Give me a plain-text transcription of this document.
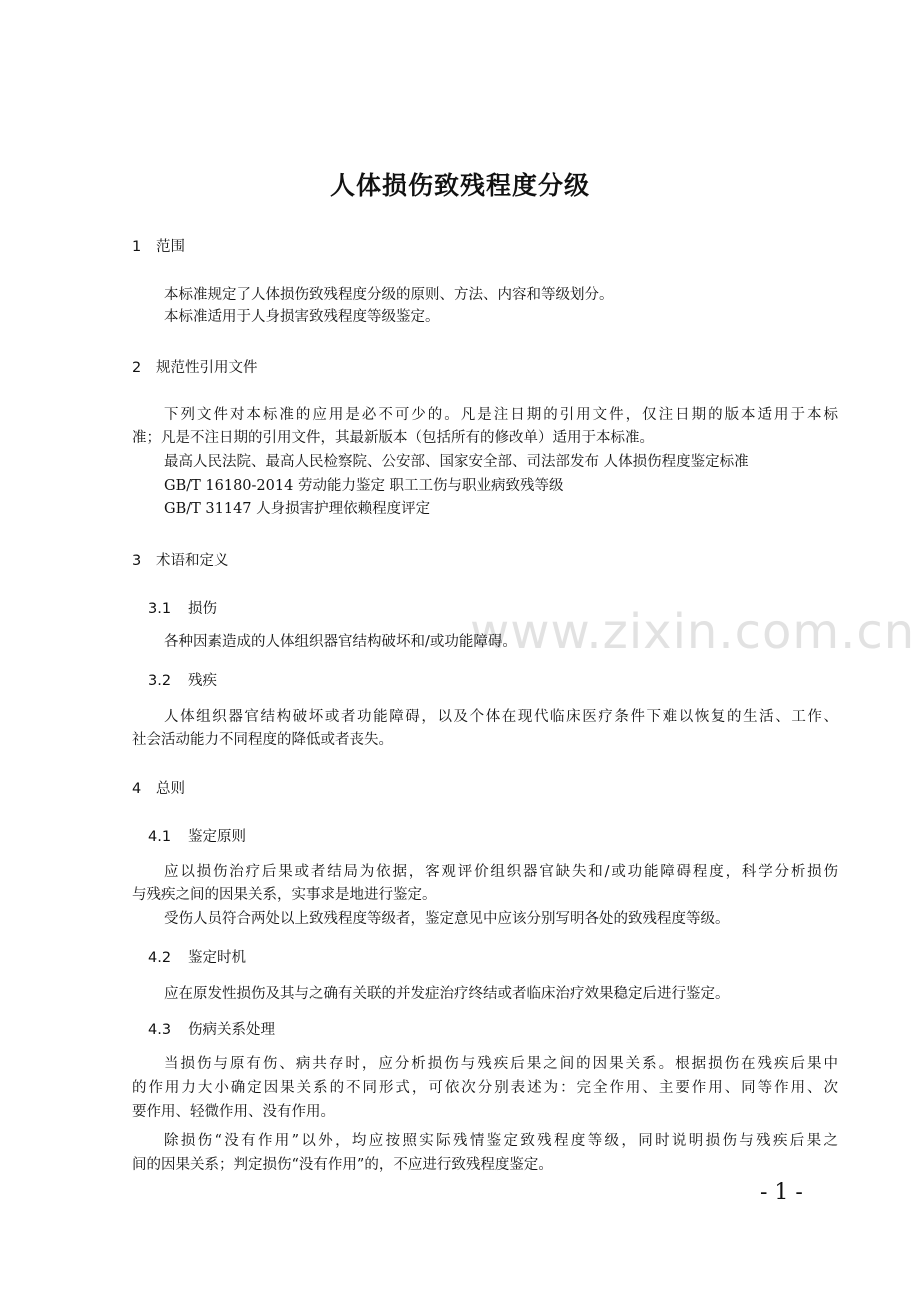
www.zixin.com.cn
人体损伤致残程度分级
1 范围
本标准规定了人体损伤致残程度分级的原则、方法、内容和等级划分。
本标准适用于人身损害致残程度等级鉴定。
2 规范性引用文件
下列文件对本标准的应用是必不可少的。凡是注日期的引用文件，仅注日期的版本适用于本标
准；凡是不注日期的引用文件，其最新版本（包括所有的修改单）适用于本标准。
最高人民法院、最高人民检察院、公安部、国家安全部、司法部发布 人体损伤程度鉴定标准
GB/T 16180-2014 劳动能力鉴定 职工工伤与职业病致残等级
GB/T 31147 人身损害护理依赖程度评定
3 术语和定义
3.1 损伤
各种因素造成的人体组织器官结构破坏和/或功能障碍。
3.2 残疾
人体组织器官结构破坏或者功能障碍，以及个体在现代临床医疗条件下难以恢复的生活、工作、
社会活动能力不同程度的降低或者丧失。
4 总则
4.1 鉴定原则
应以损伤治疗后果或者结局为依据，客观评价组织器官缺失和/或功能障碍程度，科学分析损伤
与残疾之间的因果关系，实事求是地进行鉴定。
受伤人员符合两处以上致残程度等级者，鉴定意见中应该分别写明各处的致残程度等级。
4.2 鉴定时机
应在原发性损伤及其与之确有关联的并发症治疗终结或者临床治疗效果稳定后进行鉴定。
4.3 伤病关系处理
当损伤与原有伤、病共存时，应分析损伤与残疾后果之间的因果关系。根据损伤在残疾后果中
的作用力大小确定因果关系的不同形式，可依次分别表述为：完全作用、主要作用、同等作用、次
要作用、轻微作用、没有作用。
除损伤“没有作用”以外，均应按照实际残情鉴定致残程度等级，同时说明损伤与残疾后果之
间的因果关系；判定损伤“没有作用”的，不应进行致残程度鉴定。
- 1 -
